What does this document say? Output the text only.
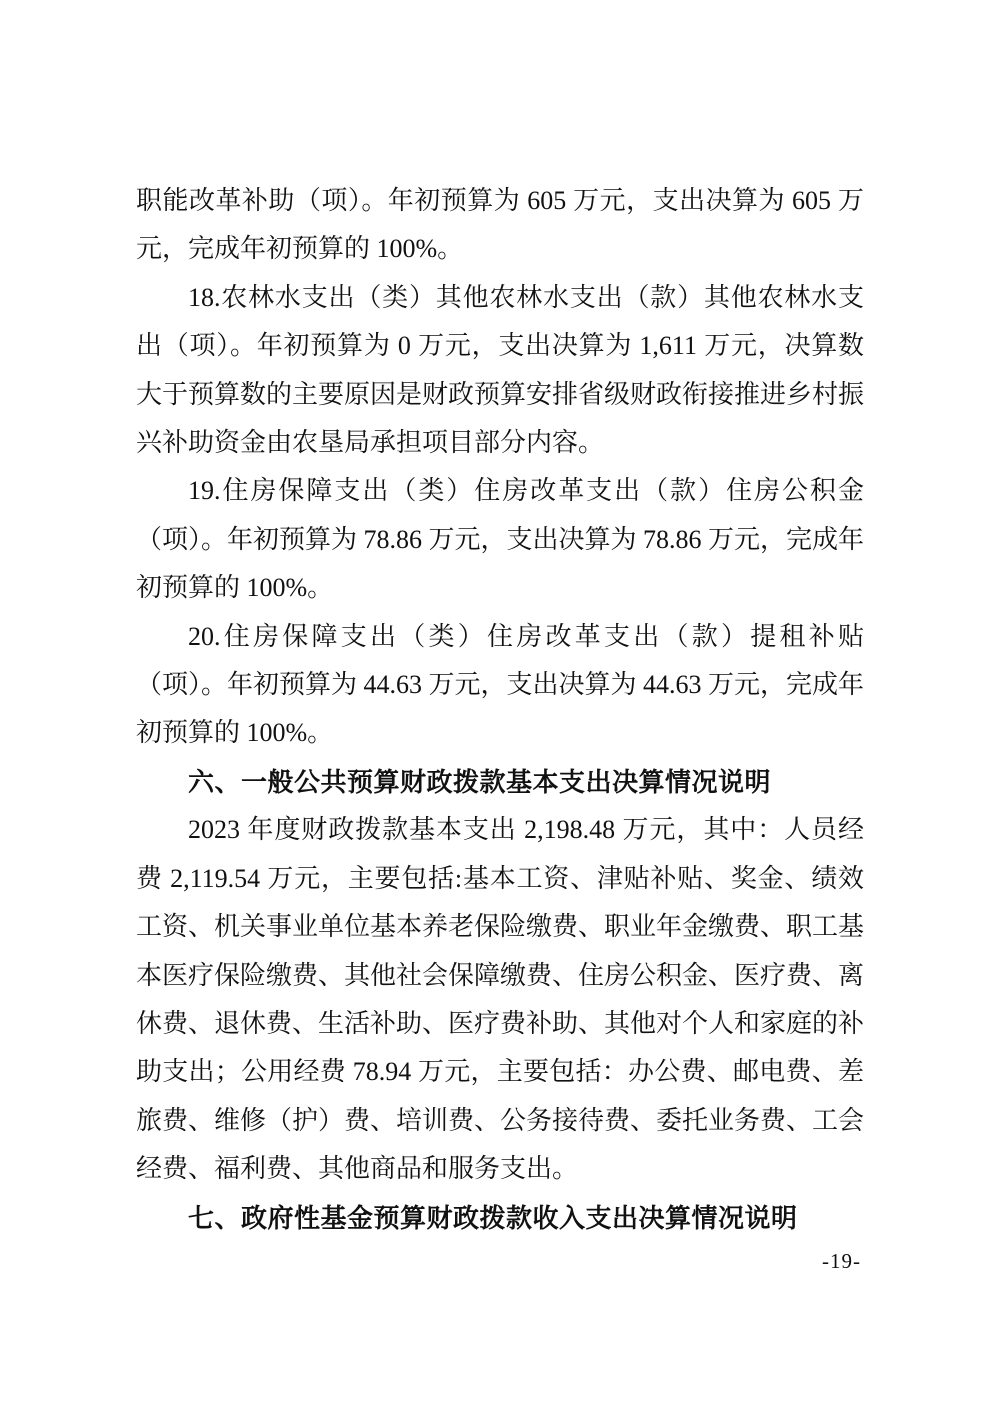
职能改革补助（项）。年初预算为 605 万元，支出决算为 605 万元，完成年初预算的 100%。

18.农林水支出（类）其他农林水支出（款）其他农林水支出（项）。年初预算为 0 万元，支出决算为 1,611 万元，决算数大于预算数的主要原因是财政预算安排省级财政衔接推进乡村振兴补助资金由农垦局承担项目部分内容。

19.住房保障支出（类）住房改革支出（款）住房公积金（项）。年初预算为 78.86 万元，支出决算为 78.86 万元，完成年初预算的 100%。

20.住房保障支出（类）住房改革支出（款）提租补贴（项）。年初预算为 44.63 万元，支出决算为 44.63 万元，完成年初预算的 100%。

六、一般公共预算财政拨款基本支出决算情况说明

2023 年度财政拨款基本支出 2,198.48 万元，其中：人员经费 2,119.54 万元，主要包括:基本工资、津贴补贴、奖金、绩效工资、机关事业单位基本养老保险缴费、职业年金缴费、职工基本医疗保险缴费、其他社会保障缴费、住房公积金、医疗费、离休费、退休费、生活补助、医疗费补助、其他对个人和家庭的补助支出；公用经费 78.94 万元，主要包括：办公费、邮电费、差旅费、维修（护）费、培训费、公务接待费、委托业务费、工会经费、福利费、其他商品和服务支出。

七、政府性基金预算财政拨款收入支出决算情况说明

-19-
